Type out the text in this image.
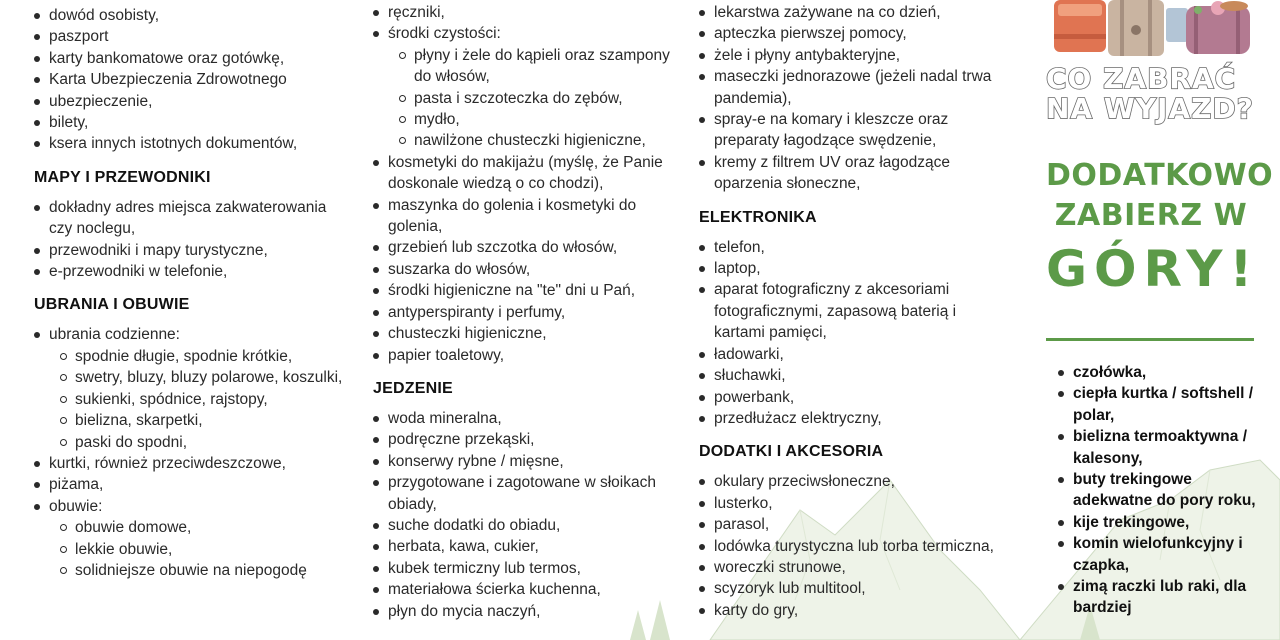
dowód osobisty,
paszport
karty bankomatowe oraz gotówkę,
Karta Ubezpieczenia Zdrowotnego
ubezpieczenie,
bilety,
ksera innych istotnych dokumentów,
MAPY I PRZEWODNIKI
dokładny adres miejsca zakwaterowania czy noclegu,
przewodniki i mapy turystyczne,
e-przewodniki w telefonie,
UBRANIA I OBUWIE
ubrania codzienne:
spodnie długie, spodnie krótkie,
swetry, bluzy, bluzy polarowe, koszulki,
sukienki, spódnice, rajstopy,
bielizna, skarpetki,
paski do spodni,
kurtki, również przeciwdeszczowe,
piżama,
obuwie:
obuwie domowe,
lekkie obuwie,
solidniejsze obuwie na niepogodę
ręczniki,
środki czystości:
płyny i żele do kąpieli oraz szampony do włosów,
pasta i szczoteczka do zębów,
mydło,
nawilżone chusteczki higieniczne,
kosmetyki do makijażu (myślę, że Panie doskonale wiedzą o co chodzi),
maszynka do golenia i kosmetyki do golenia,
grzebień lub szczotka do włosów,
suszarka do włosów,
środki higieniczne na "te" dni u Pań,
antyperspiranty i perfumy,
chusteczki higieniczne,
papier toaletowy,
JEDZENIE
woda mineralna,
podręczne przekąski,
konserwy rybne / mięsne,
przygotowane i zagotowane w słoikach obiady,
suche dodatki do obiadu,
herbata, kawa, cukier,
kubek termiczny lub termos,
materiałowa ścierka kuchenna,
płyn do mycia naczyń,
lekarstwa zażywane na co dzień,
apteczka pierwszej pomocy,
żele i płyny antybakteryjne,
maseczki jednorazowe (jeżeli nadal trwa pandemia),
spray-e na komary i kleszcze oraz preparaty łagodzące swędzenie,
kremy z filtrem UV oraz łagodzące oparzenia słoneczne,
ELEKTRONIKA
telefon,
laptop,
aparat fotograficzny z akcesoriami fotograficznymi, zapasową baterią i kartami pamięci,
ładowarki,
słuchawki,
powerbank,
przedłużacz elektryczny,
DODATKI I AKCESORIA
okulary przeciwsłoneczne,
lusterko,
parasol,
lodówka turystyczna lub torba termiczna,
woreczki strunowe,
scyzoryk lub multitool,
karty do gry,
CO ZABRAĆ
NA WYJAZD?
DODATKOWO
ZABIERZ W
GÓRY!
czołówka,
ciepła kurtka / softshell / polar,
bielizna termoaktywna / kalesony,
buty trekingowe adekwatne do pory roku,
kije trekingowe,
komin wielofunkcyjny i czapka,
zimą raczki lub raki, dla bardziej
